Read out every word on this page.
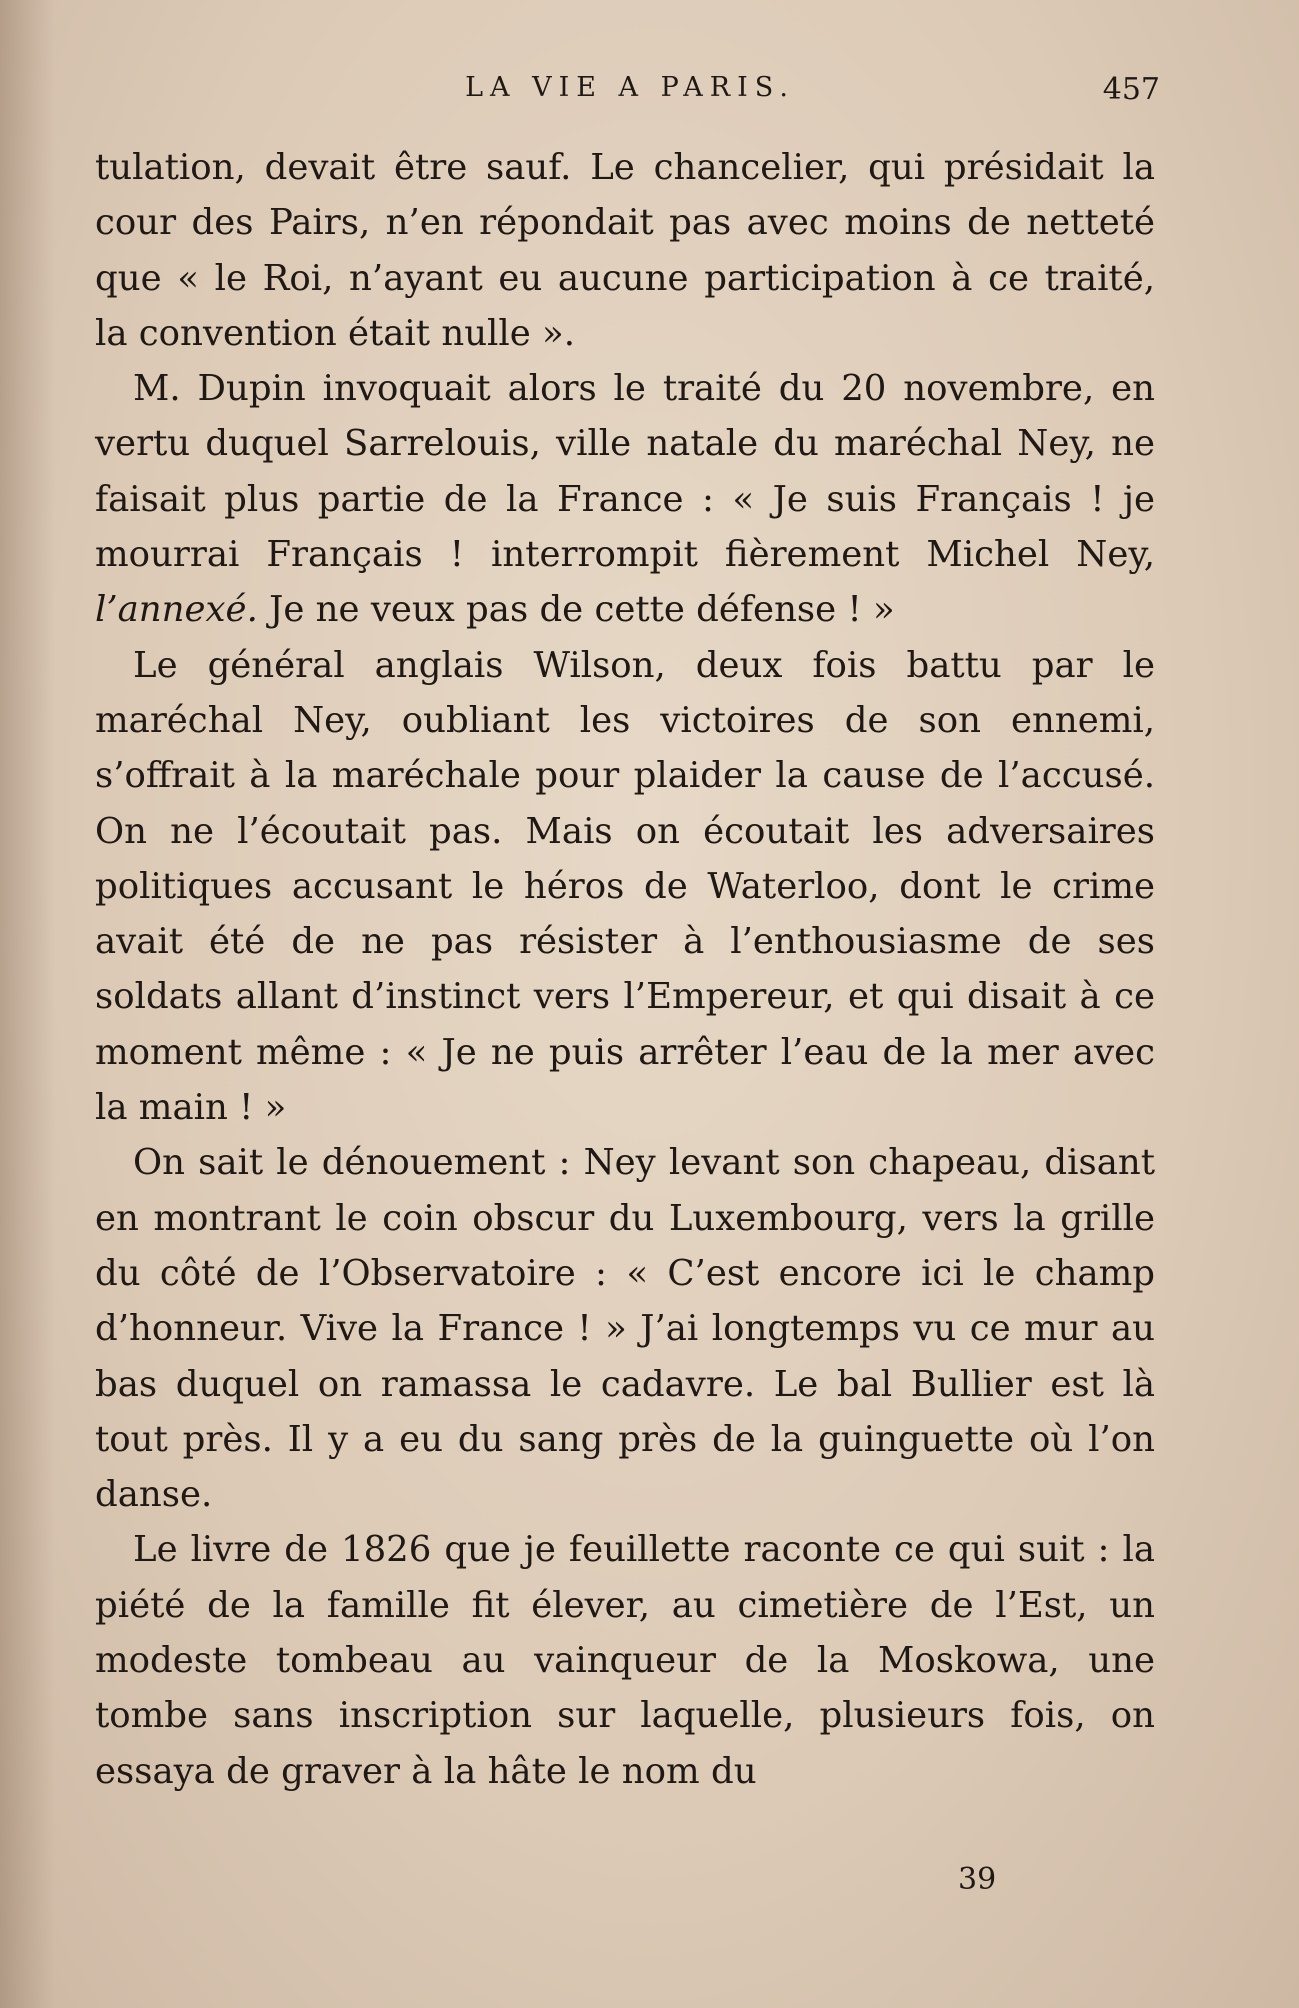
LA VIE A PARIS.	457

tulation, devait être sauf. Le chancelier, qui présidait la cour des Pairs, n’en répondait pas avec moins de netteté que « le Roi, n’ayant eu aucune participation à ce traité, la convention était nulle ».

M. Dupin invoquait alors le traité du 20 novembre, en vertu duquel Sarrelouis, ville natale du maréchal Ney, ne faisait plus partie de la France : « Je suis Français ! je mourrai Français ! interrompit fièrement Michel Ney, l’annexé. Je ne veux pas de cette défense ! »

Le général anglais Wilson, deux fois battu par le maréchal Ney, oubliant les victoires de son ennemi, s’offrait à la maréchale pour plaider la cause de l’accusé. On ne l’écoutait pas. Mais on écoutait les adversaires politiques accusant le héros de Waterloo, dont le crime avait été de ne pas résister à l’enthousiasme de ses soldats allant d’instinct vers l’Empereur, et qui disait à ce moment même : « Je ne puis arrêter l’eau de la mer avec la main ! »

On sait le dénouement : Ney levant son chapeau, disant en montrant le coin obscur du Luxembourg, vers la grille du côté de l’Observatoire : « C’est encore ici le champ d’honneur. Vive la France ! » J’ai longtemps vu ce mur au bas duquel on ramassa le cadavre. Le bal Bullier est là tout près. Il y a eu du sang près de la guinguette où l’on danse.

Le livre de 1826 que je feuillette raconte ce qui suit : la piété de la famille fit élever, au cimetière de l’Est, un modeste tombeau au vainqueur de la Moskowa, une tombe sans inscription sur laquelle, plusieurs fois, on essaya de graver à la hâte le nom du

39
